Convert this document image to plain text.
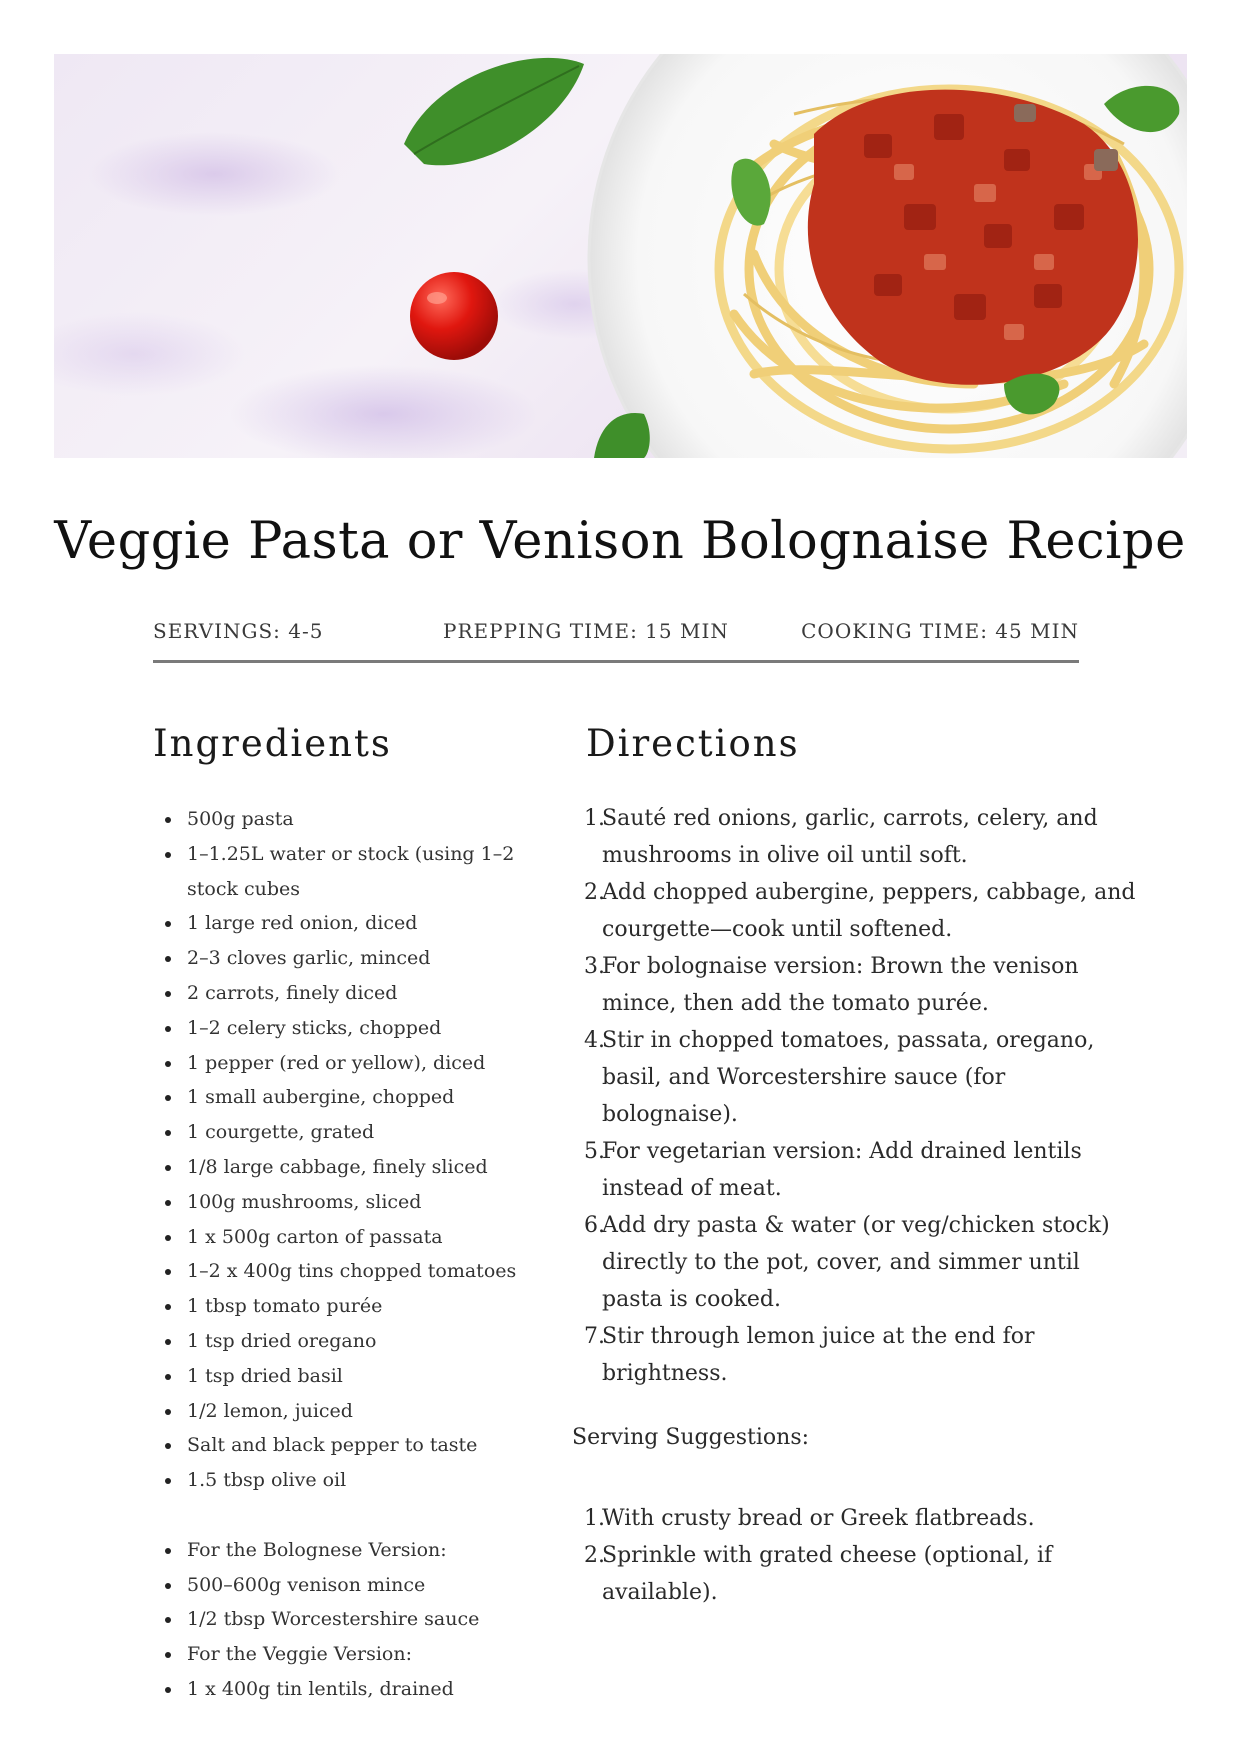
Veggie Pasta or Venison Bolognaise Recipe
SERVINGS: 4-5	PREPPING TIME: 15 MIN	COOKING TIME: 45 MIN
Ingredients
500g pasta
1–1.25L water or stock (using 1–2 stock cubes
1 large red onion, diced
2–3 cloves garlic, minced
2 carrots, finely diced
1–2 celery sticks, chopped
1 pepper (red or yellow), diced
1 small aubergine, chopped
1 courgette, grated
1/8 large cabbage, finely sliced
100g mushrooms, sliced
1 x 500g carton of passata
1–2 x 400g tins chopped tomatoes
1 tbsp tomato purée
1 tsp dried oregano
1 tsp dried basil
1/2 lemon, juiced
Salt and black pepper to taste
1.5 tbsp olive oil
For the Bolognese Version:
500–600g venison mince
1/2 tbsp Worcestershire sauce
For the Veggie Version:
1 x 400g tin lentils, drained
Directions
1.
Sauté red onions, garlic, carrots, celery, and mushrooms in olive oil until soft.
2.
Add chopped aubergine, peppers, cabbage, and courgette—cook until softened.
3.
For bolognaise version: Brown the venison mince, then add the tomato purée.
4.
Stir in chopped tomatoes, passata, oregano, basil, and Worcestershire sauce (for bolognaise).
5.
For vegetarian version: Add drained lentils instead of meat.
6.
Add dry pasta & water (or veg/chicken stock) directly to the pot, cover, and simmer until pasta is cooked.
7.
Stir through lemon juice at the end for brightness.
Serving Suggestions:
1.
With crusty bread or Greek flatbreads.
2.
Sprinkle with grated cheese (optional, if available).
